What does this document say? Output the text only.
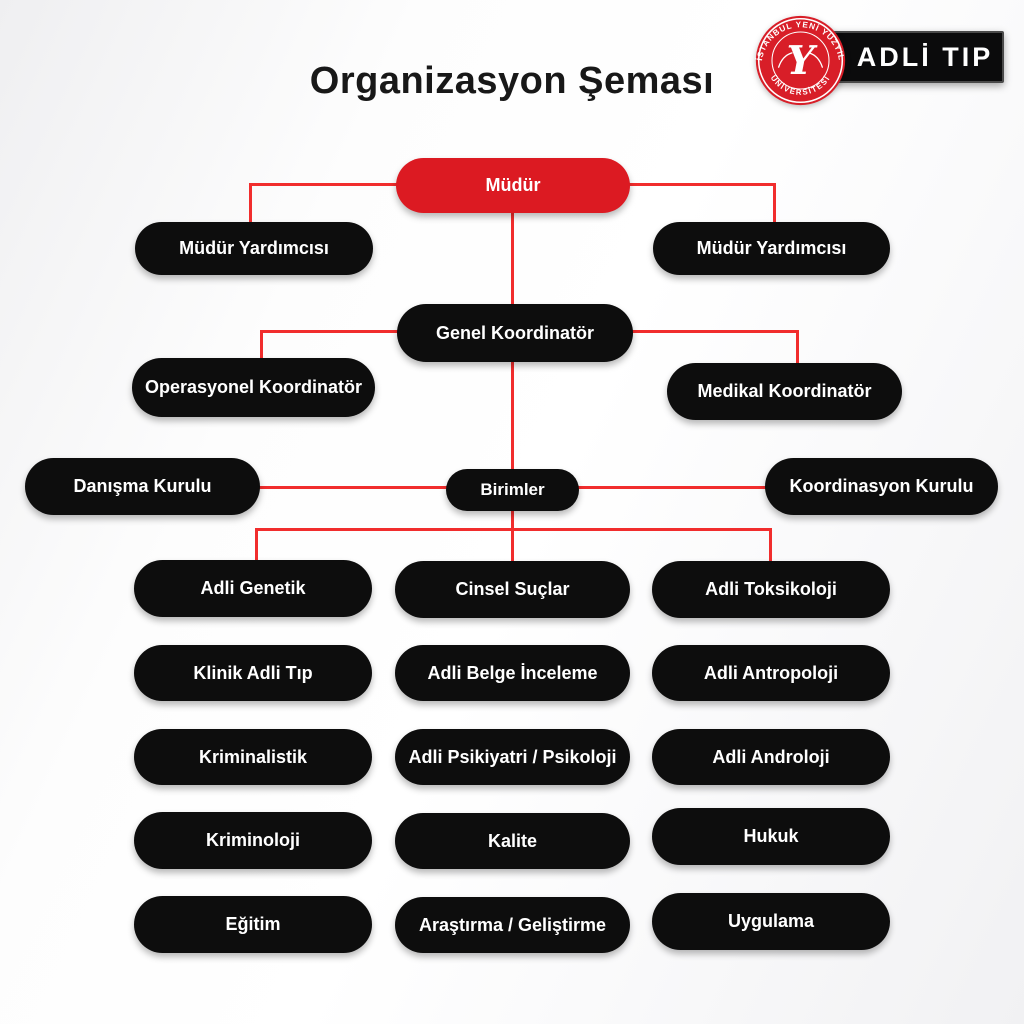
Organizasyon Şeması
ADLİ TIP
İSTANBUL YENİ YÜZYIL
ÜNİVERSİTESİ
Y
Müdür
Müdür Yardımcısı	Müdür Yardımcısı
Genel Koordinatör
Operasyonel Koordinatör	Medikal Koordinatör
Danışma Kurulu	Birimler	Koordinasyon Kurulu
Adli Genetik	Cinsel Suçlar	Adli Toksikoloji
Klinik Adli Tıp	Adli Belge İnceleme	Adli Antropoloji
Kriminalistik	Adli Psikiyatri / Psikoloji	Adli Androloji
Kriminoloji	Kalite	Hukuk
Eğitim	Araştırma / Geliştirme	Uygulama
